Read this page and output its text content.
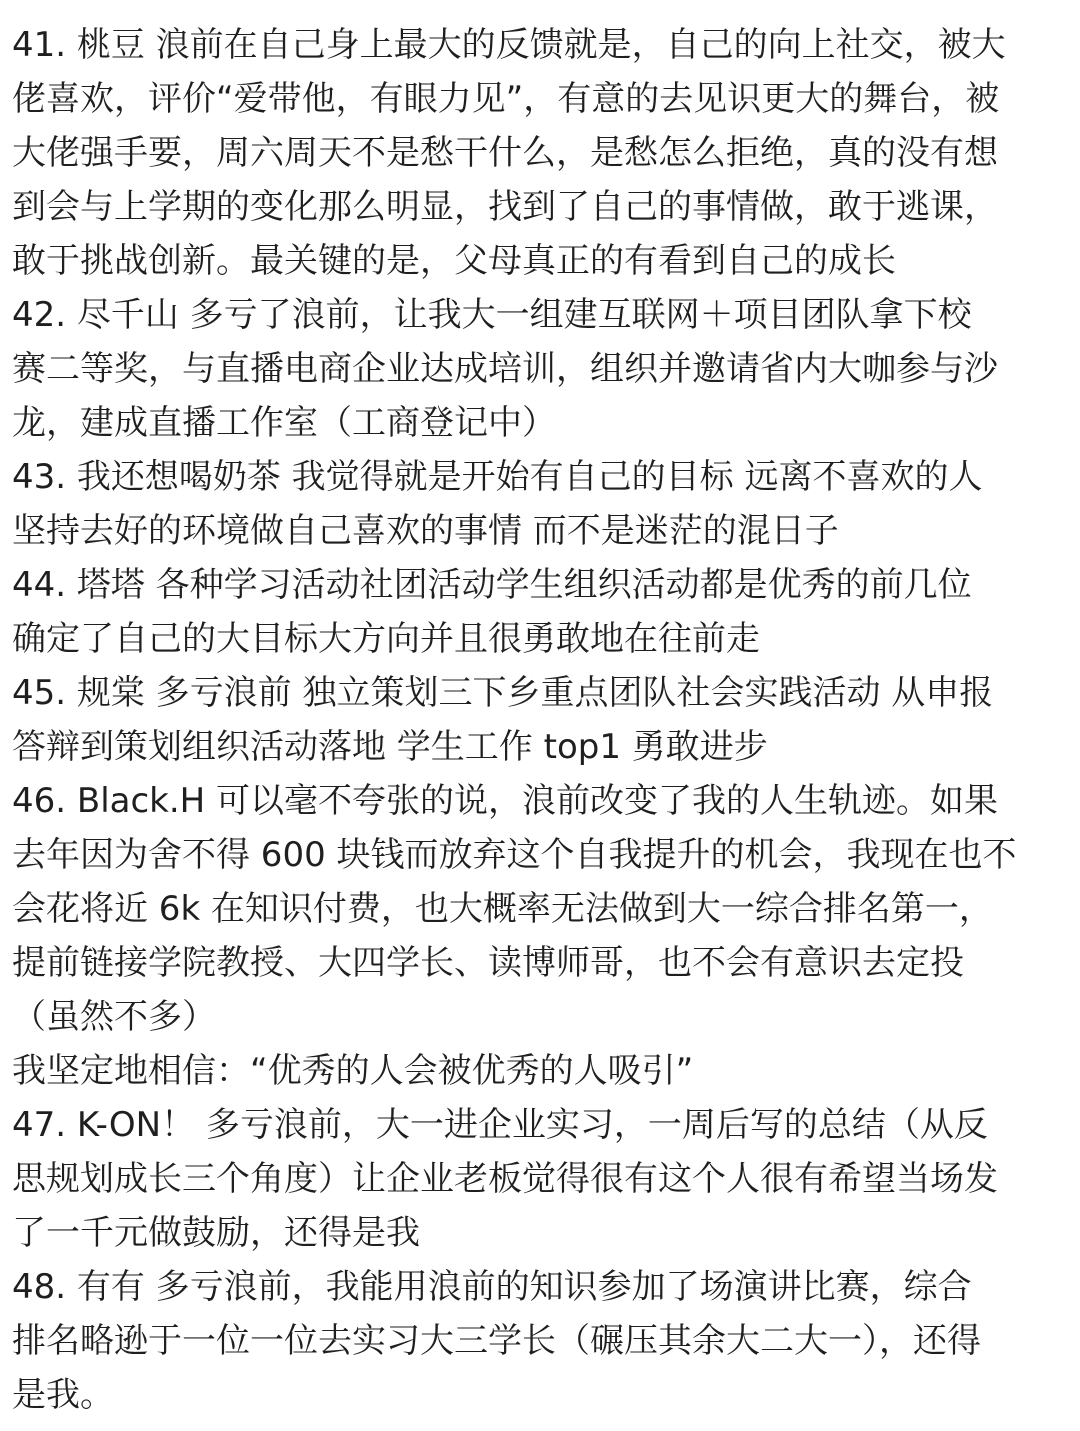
41. 桃豆 浪前在自己身上最大的反馈就是，自己的向上社交，被大
佬喜欢，评价“爱带他，有眼力见”，有意的去见识更大的舞台，被
大佬强手要，周六周天不是愁干什么，是愁怎么拒绝，真的没有想
到会与上学期的变化那么明显，找到了自己的事情做，敢于逃课，
敢于挑战创新。最关键的是，父母真正的有看到自己的成长
42. 尽千山 多亏了浪前，让我大一组建互联网＋项目团队拿下校
赛二等奖，与直播电商企业达成培训，组织并邀请省内大咖参与沙
龙，建成直播工作室（工商登记中）
43. 我还想喝奶茶 我觉得就是开始有自己的目标 远离不喜欢的人
坚持去好的环境做自己喜欢的事情 而不是迷茫的混日子
44. 塔塔 各种学习活动社团活动学生组织活动都是优秀的前几位
确定了自己的大目标大方向并且很勇敢地在往前走
45. 规棠 多亏浪前 独立策划三下乡重点团队社会实践活动 从申报
答辩到策划组织活动落地 学生工作 top1 勇敢进步
46. Black.H 可以毫不夸张的说，浪前改变了我的人生轨迹。如果
去年因为舍不得 600 块钱而放弃这个自我提升的机会，我现在也不
会花将近 6k 在知识付费，也大概率无法做到大一综合排名第一，
提前链接学院教授、大四学长、读博师哥，也不会有意识去定投
（虽然不多）
我坚定地相信：“优秀的人会被优秀的人吸引”
47. K-ON！ 多亏浪前，大一进企业实习，一周后写的总结（从反
思规划成长三个角度）让企业老板觉得很有这个人很有希望当场发
了一千元做鼓励，还得是我
48. 有有 多亏浪前，我能用浪前的知识参加了场演讲比赛，综合
排名略逊于一位一位去实习大三学长（碾压其余大二大一），还得
是我。
